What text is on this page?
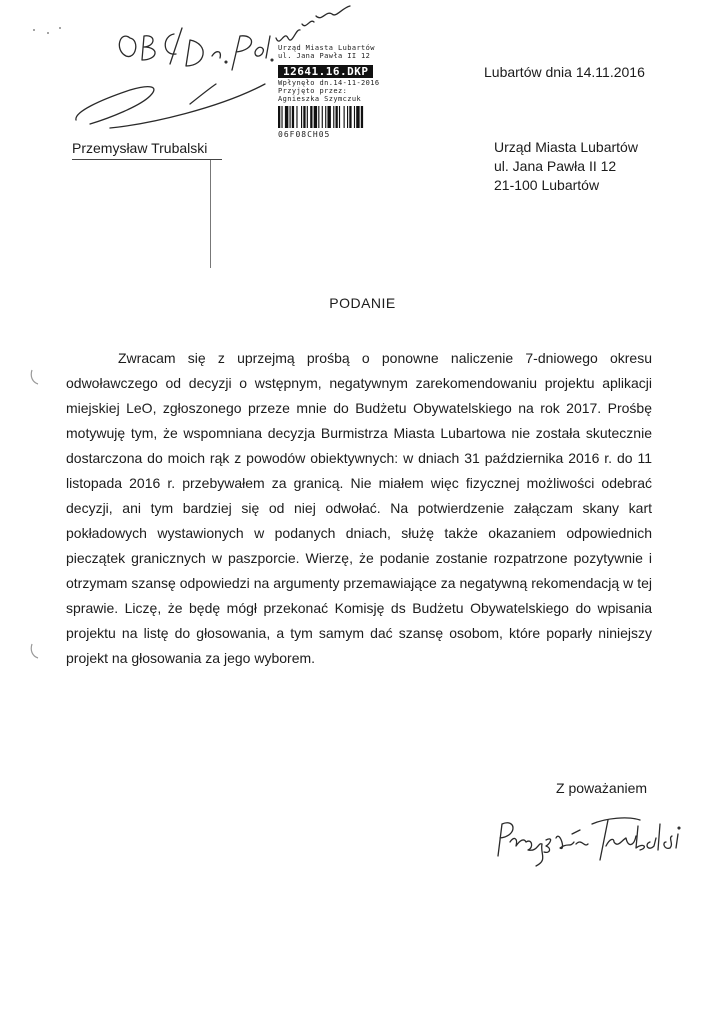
Urząd Miasta Lubartów
ul. Jana Pawła II 12
12641.16.DKP
Wpłynęło dn.14-11-2016
Przyjęto przez:
Agnieszka Szymczuk
06F08CH05
Lubartów dnia 14.11.2016
Przemysław Trubalski	Urząd Miasta Lubartów
ul. Jana Pawła II 12
21-100 Lubartów
PODANIE
Zwracam się z uprzejmą prośbą o ponowne naliczenie 7-dniowego okresu odwoławczego od decyzji o wstępnym, negatywnym zarekomendowaniu projektu aplikacji miejskiej LeO, zgłoszonego przeze mnie do Budżetu Obywatelskiego na rok 2017. Prośbę motywuję tym, że wspomniana decyzja Burmistrza Miasta Lubartowa nie została skutecznie dostarczona do moich rąk z powodów obiektywnych: w dniach 31 października 2016 r. do 11 listopada 2016 r. przebywałem za granicą. Nie miałem więc fizycznej możliwości odebrać decyzji, ani tym bardziej się od niej odwołać. Na potwierdzenie załączam skany kart pokładowych wystawionych w podanych dniach, służę także okazaniem odpowiednich pieczątek granicznych w paszporcie. Wierzę, że podanie zostanie rozpatrzone pozytywnie i otrzymam szansę odpowiedzi na argumenty przemawiające za negatywną rekomendacją w tej sprawie. Liczę, że będę mógł przekonać Komisję ds Budżetu Obywatelskiego do wpisania projektu na listę do głosowania, a tym samym dać szansę osobom, które poparły niniejszy projekt na głosowania za jego wyborem.
Z poważaniem
